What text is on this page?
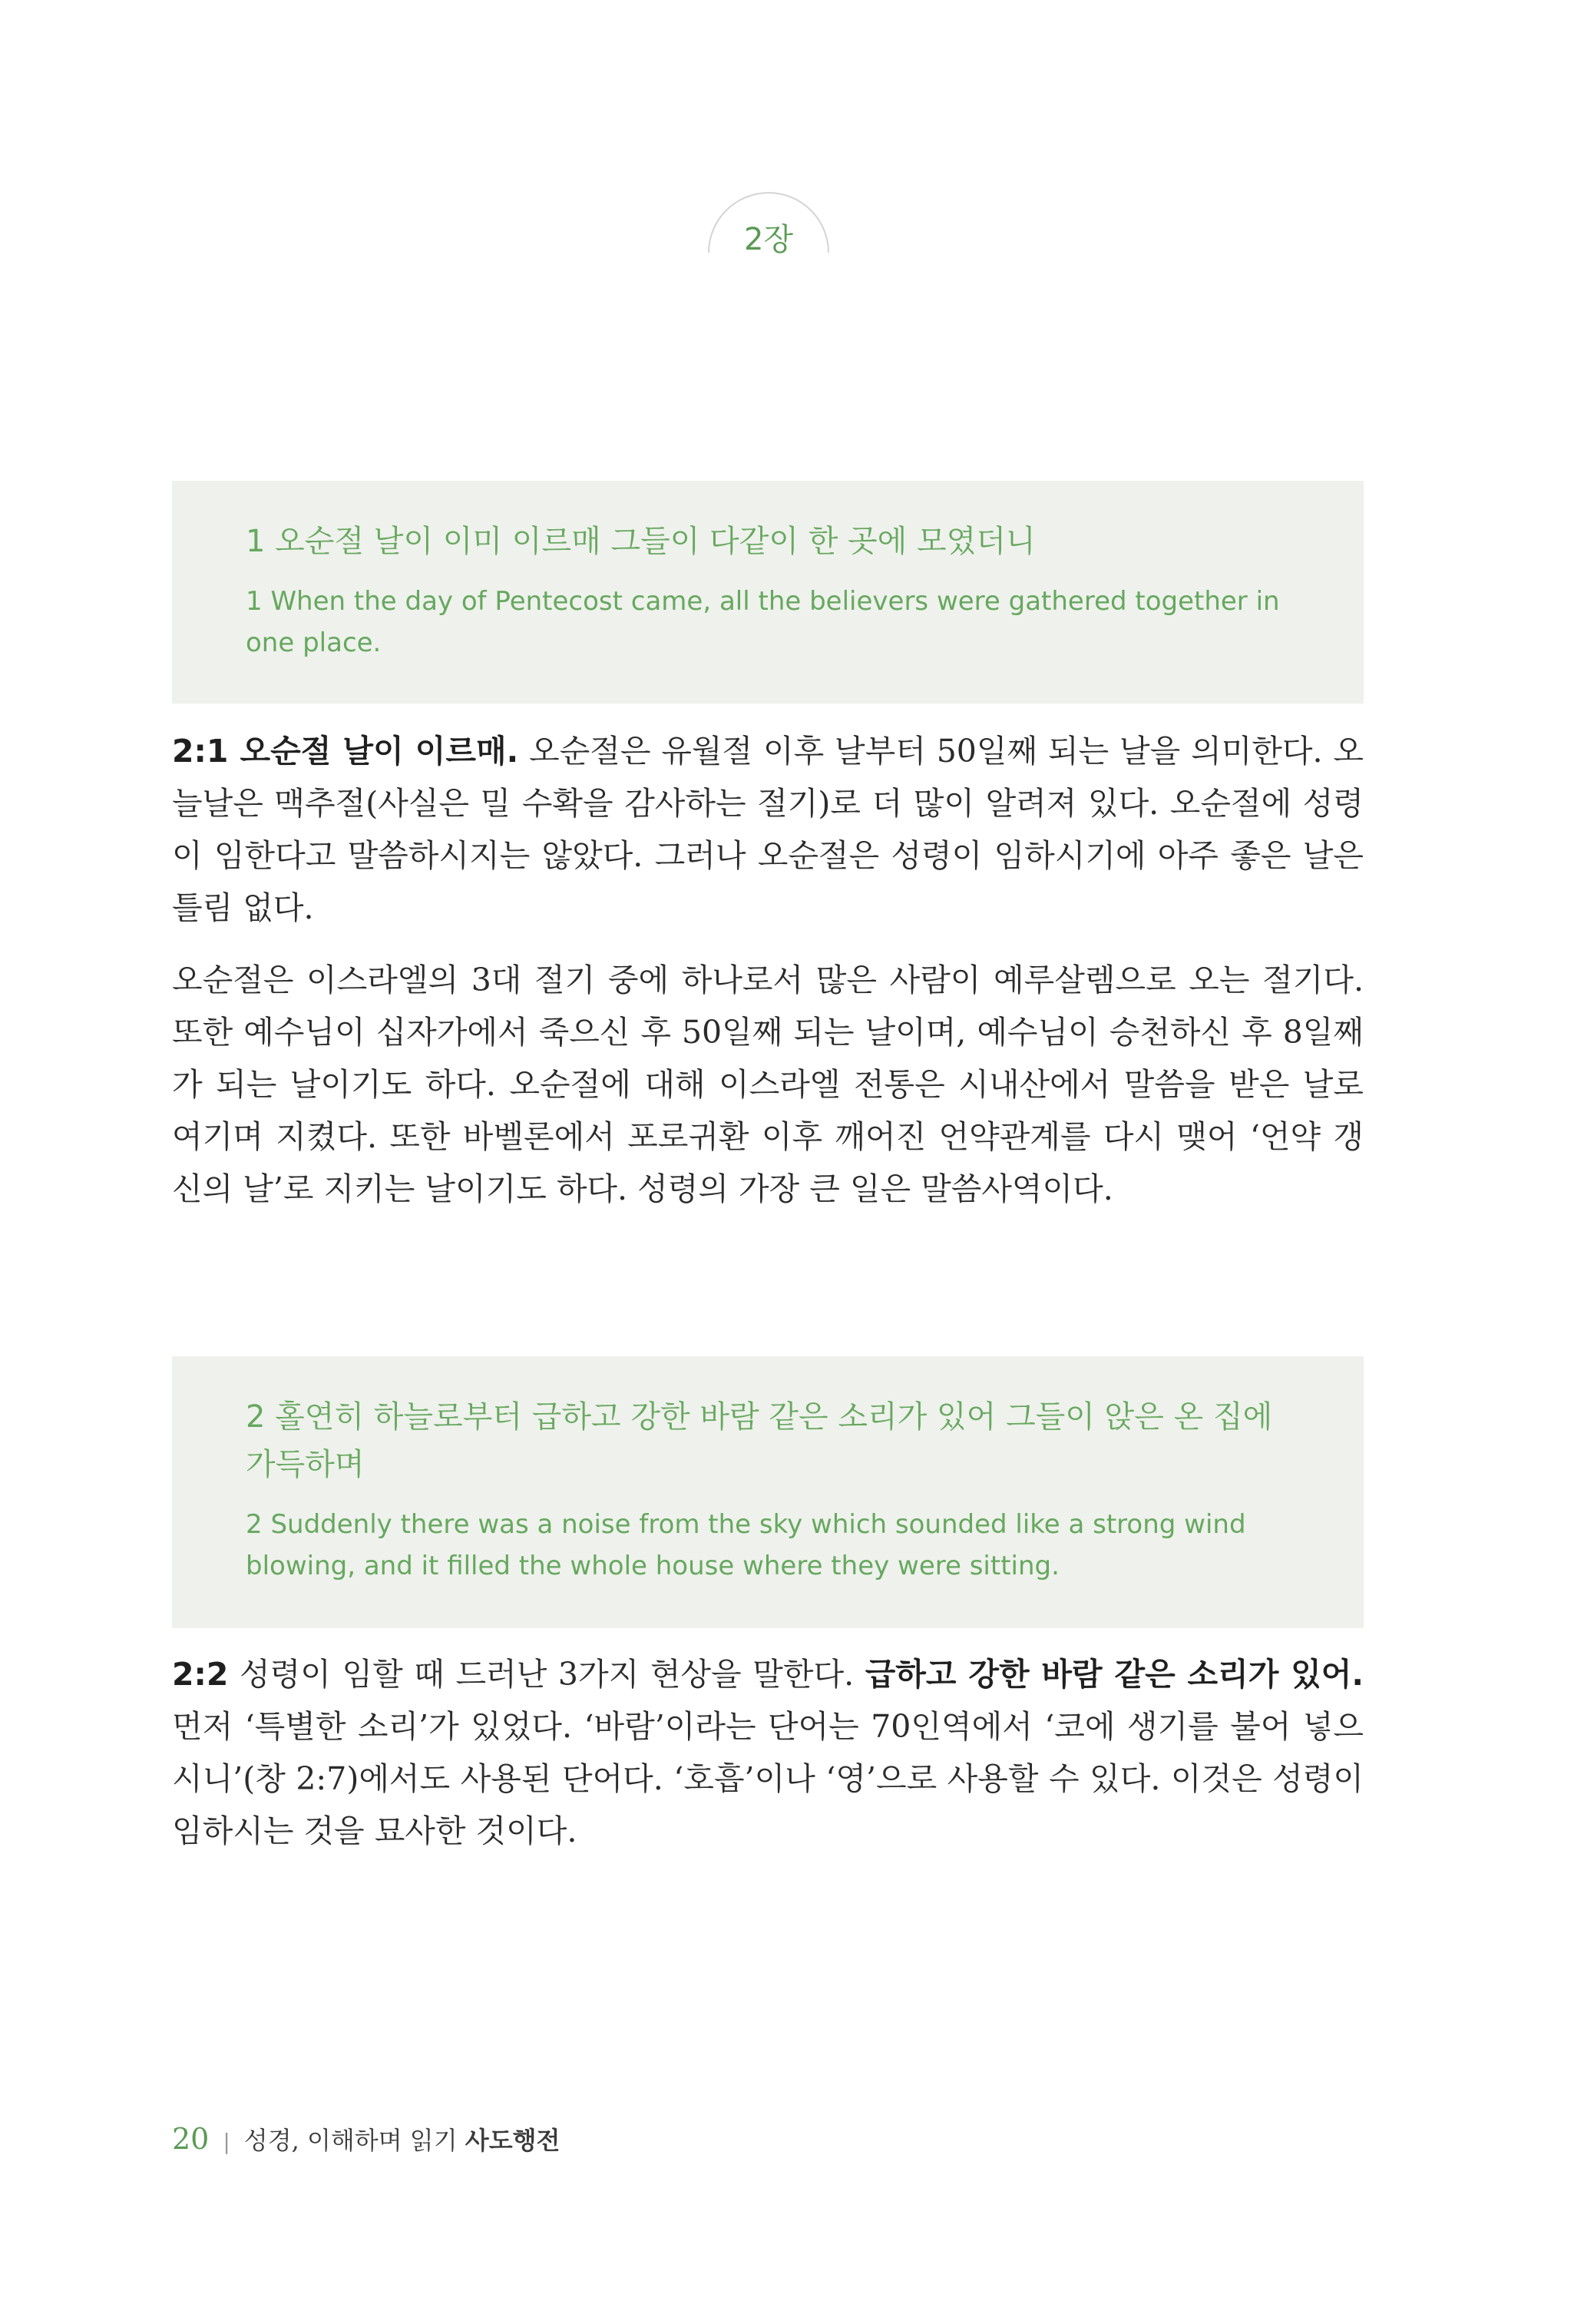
2장

1 오순절 날이 이미 이르매 그들이 다같이 한 곳에 모였더니

1 When the day of Pentecost came, all the believers were gathered together in one place.

2:1 오순절 날이 이르매. 오순절은 유월절 이후 날부터 50일째 되는 날을 의미한다. 오늘날은 맥추절(사실은 밀 수확을 감사하는 절기)로 더 많이 알려져 있다. 오순절에 성령이 임한다고 말씀하시지는 않았다. 그러나 오순절은 성령이 임하시기에 아주 좋은 날은 틀림 없다.

오순절은 이스라엘의 3대 절기 중에 하나로서 많은 사람이 예루살렘으로 오는 절기다. 또한 예수님이 십자가에서 죽으신 후 50일째 되는 날이며, 예수님이 승천하신 후 8일째가 되는 날이기도 하다. 오순절에 대해 이스라엘 전통은 시내산에서 말씀을 받은 날로 여기며 지켰다. 또한 바벨론에서 포로귀환 이후 깨어진 언약관계를 다시 맺어 ‘언약 갱신의 날’로 지키는 날이기도 하다. 성령의 가장 큰 일은 말씀사역이다.

2 홀연히 하늘로부터 급하고 강한 바람 같은 소리가 있어 그들이 앉은 온 집에 가득하며

2 Suddenly there was a noise from the sky which sounded like a strong wind blowing, and it filled the whole house where they were sitting.

2:2 성령이 임할 때 드러난 3가지 현상을 말한다. 급하고 강한 바람 같은 소리가 있어. 먼저 ‘특별한 소리’가 있었다. ‘바람’이라는 단어는 70인역에서 ‘코에 생기를 불어 넣으시니’(창 2:7)에서도 사용된 단어다. ‘호흡’이나 ‘영’으로 사용할 수 있다. 이것은 성령이 임하시는 것을 묘사한 것이다.

20 | 성경, 이해하며 읽기 사도행전
